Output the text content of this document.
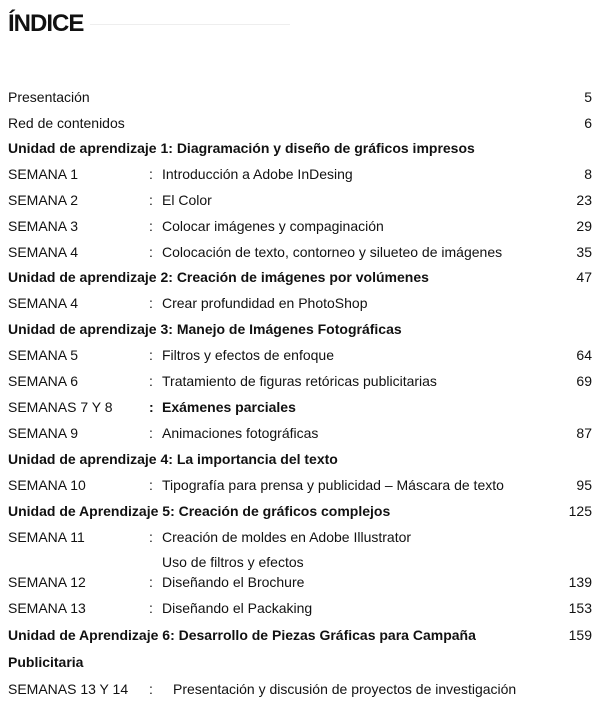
ÍNDICE
Presentación	5
Red de contenidos	6
Unidad de aprendizaje 1: Diagramación y diseño de gráficos impresos
SEMANA 1	: Introducción a Adobe InDesing	8
SEMANA 2	: El Color	23
SEMANA 3	: Colocar imágenes y compaginación	29
SEMANA 4	: Colocación de texto, contorneo y silueteo de imágenes	35
Unidad de aprendizaje 2: Creación de imágenes por volúmenes	47
SEMANA 4	: Crear profundidad en PhotoShop
Unidad de aprendizaje 3: Manejo de Imágenes Fotográficas
SEMANA 5	: Filtros y efectos de enfoque	64
SEMANA 6	: Tratamiento de figuras retóricas publicitarias	69
SEMANAS 7 Y 8	: Exámenes parciales
SEMANA 9	: Animaciones fotográficas	87
Unidad de aprendizaje 4: La importancia del texto
SEMANA 10	: Tipografía para prensa y publicidad – Máscara de texto	95
Unidad de Aprendizaje 5: Creación de gráficos complejos	125
SEMANA 11	: Creación de moldes en Adobe Illustrator
Uso de filtros y efectos
SEMANA 12	: Diseñando el Brochure	139
SEMANA 13	: Diseñando el Packaking	153
Unidad de Aprendizaje 6: Desarrollo de Piezas Gráficas para Campaña	159
Publicitaria
SEMANAS 13 Y 14 : Presentación y discusión de proyectos de investigación
